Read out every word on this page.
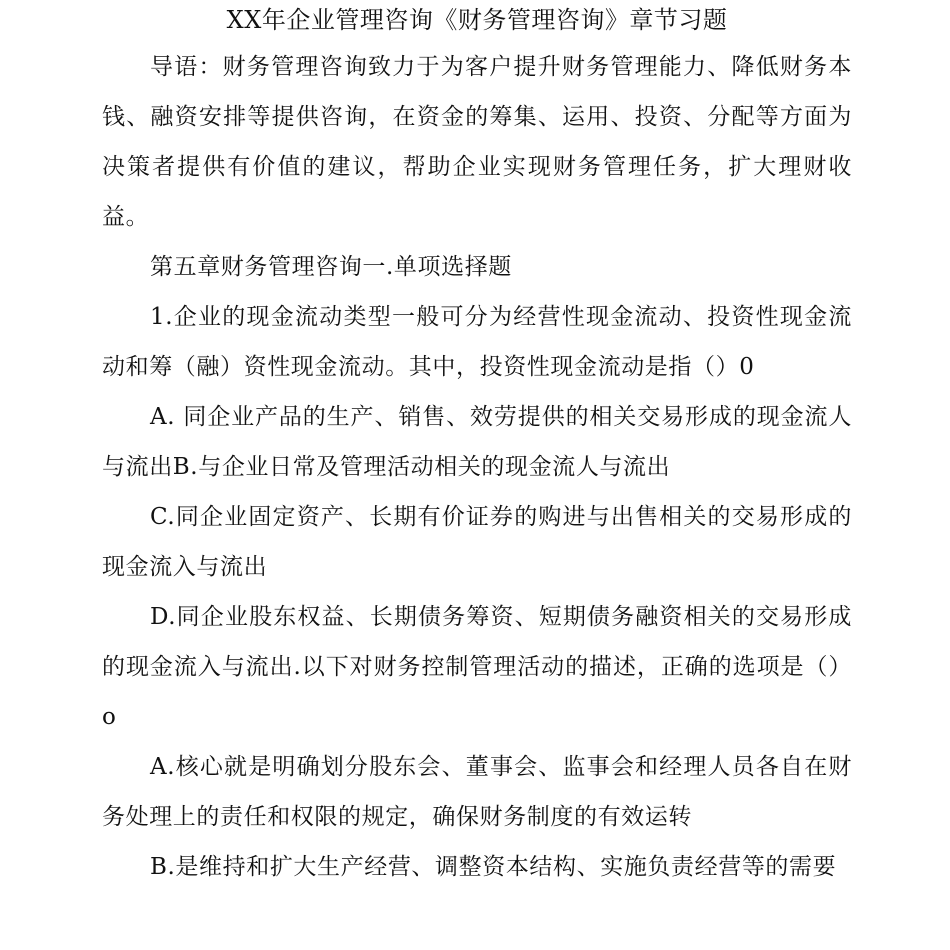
XX年企业管理咨询《财务管理咨询》章节习题

导语：财务管理咨询致力于为客户提升财务管理能力、降低财务本钱、融资安排等提供咨询，在资金的筹集、运用、投资、分配等方面为决策者提供有价值的建议，帮助企业实现财务管理任务，扩大理财收益。

第五章财务管理咨询一.单项选择题

1.企业的现金流动类型一般可分为经营性现金流动、投资性现金流动和筹（融）资性现金流动。其中，投资性现金流动是指（）0

A. 同企业产品的生产、销售、效劳提供的相关交易形成的现金流人与流出B.与企业日常及管理活动相关的现金流人与流出

C.同企业固定资产、长期有价证券的购进与出售相关的交易形成的现金流入与流出

D.同企业股东权益、长期债务筹资、短期债务融资相关的交易形成的现金流入与流出.以下对财务控制管理活动的描述，正确的选项是（）o

A.核心就是明确划分股东会、董事会、监事会和经理人员各自在财务处理上的责任和权限的规定，确保财务制度的有效运转

B.是维持和扩大生产经营、调整资本结构、实施负责经营等的需要
